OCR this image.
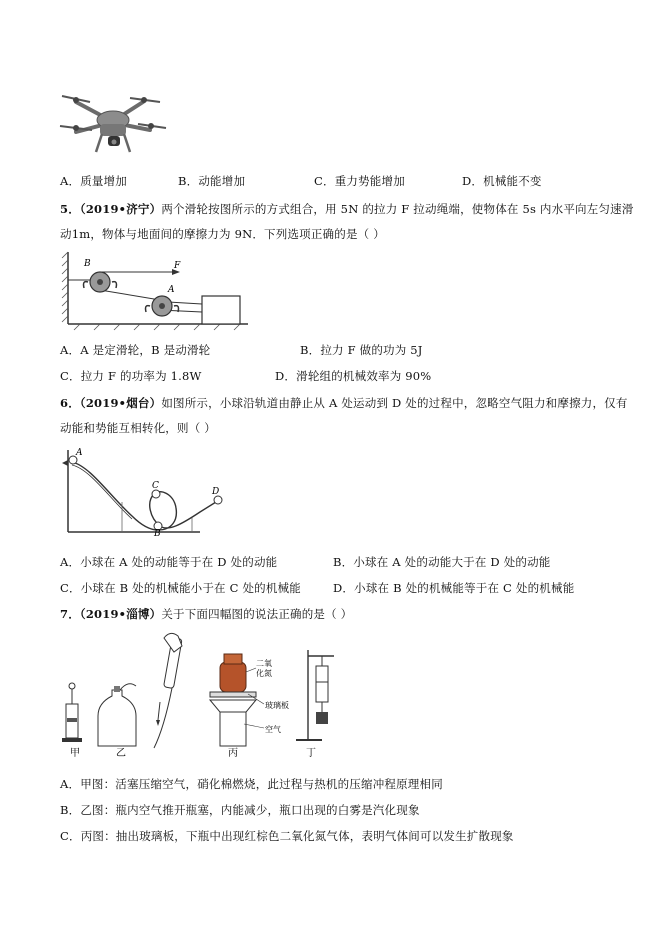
A．质量增加	B．动能增加	C．重力势能增加	D．机械能不变
5．（2019•济宁）两个滑轮按图所示的方式组合，用 5N 的拉力 F 拉动绳端，使物体在 5s 内水平向左匀速滑
动1m，物体与地面间的摩擦力为 9N．下列选项正确的是（ ）
B
A
F
A．A 是定滑轮，B 是动滑轮	B．拉力 F 做的功为 5J
C．拉力 F 的功率为 1.8W	D．滑轮组的机械效率为 90%
6．（2019•烟台）如图所示，小球沿轨道由静止从 A 处运动到 D 处的过程中，忽略空气阻力和摩擦力，仅有
动能和势能互相转化，则（ ）
A
C
B
D
A．小球在 A 处的动能等于在 D 处的动能	B．小球在 A 处的动能大于在 D 处的动能
C．小球在 B 处的机械能小于在 C 处的机械能	D．小球在 B 处的机械能等于在 C 处的机械能
7．（2019•淄博）关于下面四幅图的说法正确的是（ ）
甲	乙	丙	丁
二氧
化氮
玻璃板
空气
A．甲图：活塞压缩空气，硝化棉燃烧，此过程与热机的压缩冲程原理相同
B．乙图：瓶内空气推开瓶塞，内能减少，瓶口出现的白雾是汽化现象
C．丙图：抽出玻璃板，下瓶中出现红棕色二氧化氮气体，表明气体间可以发生扩散现象
